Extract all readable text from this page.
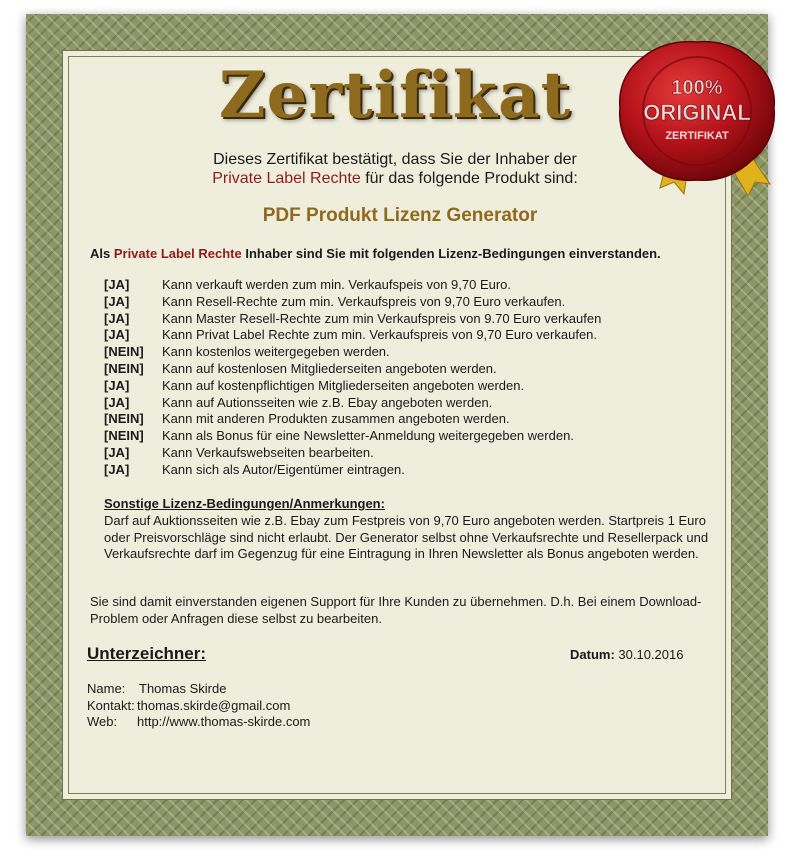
Zertifikat
Dieses Zertifikat bestätigt, dass Sie der Inhaber der
Private Label Rechte für das folgende Produkt sind:
PDF Produkt Lizenz Generator
Als Private Label Rechte Inhaber sind Sie mit folgenden Lizenz-Bedingungen einverstanden.
[JA]	Kann verkauft werden zum min. Verkaufspeis von 9,70 Euro.
[JA]	Kann Resell-Rechte zum min. Verkaufspreis von 9,70 Euro verkaufen.
[JA]	Kann Master Resell-Rechte zum min Verkaufspreis von 9.70 Euro verkaufen
[JA]	Kann Privat Label Rechte zum min. Verkaufspreis von 9,70 Euro verkaufen.
[NEIN] Kann kostenlos weitergegeben werden.
[NEIN] Kann auf kostenlosen Mitgliederseiten angeboten werden.
[JA]	Kann auf kostenpflichtigen Mitgliederseiten angeboten werden.
[JA]	Kann auf Autionsseiten wie z.B. Ebay angeboten werden.
[NEIN] Kann mit anderen Produkten zusammen angeboten werden.
[NEIN] Kann als Bonus für eine Newsletter-Anmeldung weitergegeben werden.
[JA]	Kann Verkaufswebseiten bearbeiten.
[JA]	Kann sich als Autor/Eigentümer eintragen.
Sonstige Lizenz-Bedingungen/Anmerkungen:
Darf auf Auktionsseiten wie z.B. Ebay zum Festpreis von 9,70 Euro angeboten werden. Startpreis 1 Euro oder Preisvorschläge sind nicht erlaubt. Der Generator selbst ohne Verkaufsrechte und Resellerpack und Verkaufsrechte darf im Gegenzug für eine Eintragung in Ihren Newsletter als Bonus angeboten werden.
Sie sind damit einverstanden eigenen Support für Ihre Kunden zu übernehmen. D.h. Bei einem Download-Problem oder Anfragen diese selbst zu bearbeiten.
Unterzeichner:	Datum: 30.10.2016
Name: Thomas Skirde
Kontakt: thomas.skirde@gmail.com
Web: http://www.thomas-skirde.com
100%
ORIGINAL
ZERTIFIKAT
